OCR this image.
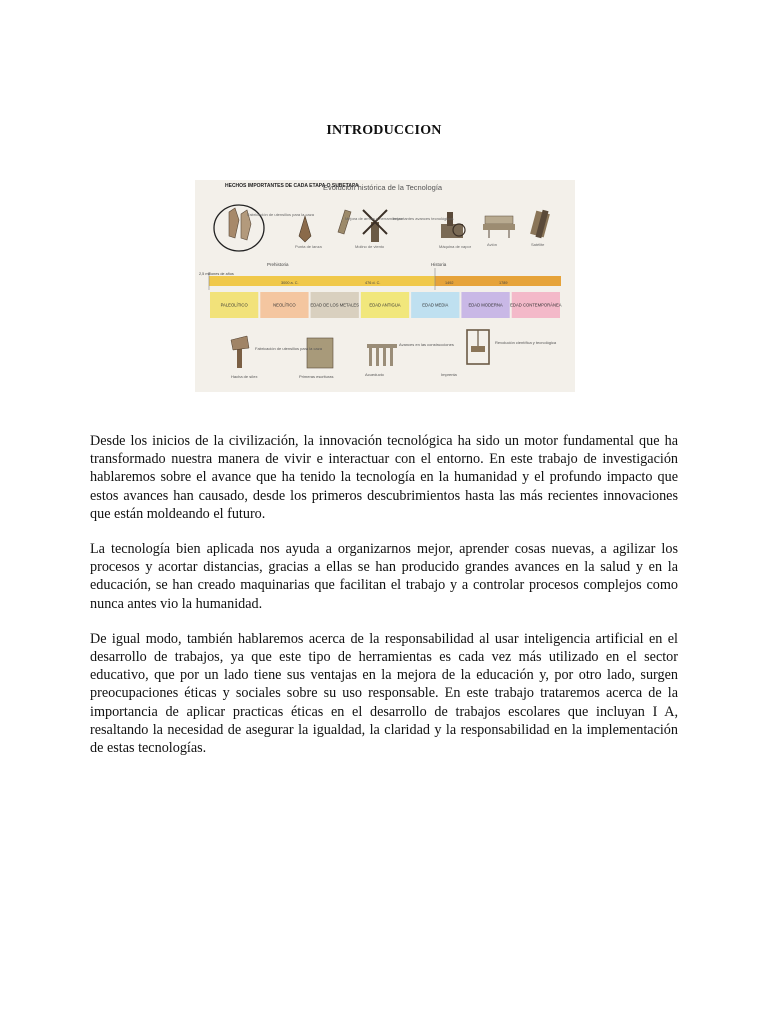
INTRODUCCION
HECHOS IMPORTANTES DE CADA ETAPA O SUBETAPA
Evolución histórica de la Tecnología
Fabricación de utensilios para la caza
Punta de lanza
Mejora de armas y herramientas
Molino de viento
Importantes avances tecnológicos
Máquina de vapor	Avión	Satélite
Prehistoria	Historia
2,5 millones de años
3000 a. C.	476 d. C.	1492	1789
PALEOLÍTICO	NEOLÍTICO	EDAD DE LOS METALES EDAD ANTIGUA	EDAD MEDIA	EDAD MODERNA EDAD CONTEMPORÁNEA
Hacha de sílex
Fabricación de utensilios para la caza
Primeras escrituras	Acueducto
Avances en las construcciones
Imprenta
Revolución científica y tecnológica

Desde los inicios de la civilización, la innovación tecnológica ha sido un motor fundamental que ha transformado nuestra manera de vivir e interactuar con el entorno. En este trabajo de investigación hablaremos sobre el avance que ha tenido la tecnología en la humanidad y el profundo impacto que estos avances han causado, desde los primeros descubrimientos hasta las más recientes innovaciones que están moldeando el futuro.

La tecnología bien aplicada nos ayuda a organizarnos mejor, aprender cosas nuevas, a agilizar los procesos y acortar distancias, gracias a ellas se han producido grandes avances en la salud y en la educación, se han creado maquinarias que facilitan el trabajo y a controlar procesos complejos como nunca antes vio la humanidad.

De igual modo, también hablaremos acerca de la responsabilidad al usar inteligencia artificial en el desarrollo de trabajos, ya que este tipo de herramientas es cada vez más utilizado en el sector educativo, que por un lado tiene sus ventajas en la mejora de la educación y, por otro lado, surgen preocupaciones éticas y sociales sobre su uso responsable. En este trabajo trataremos acerca de la importancia de aplicar practicas éticas en el desarrollo de trabajos escolares que incluyan I A, resaltando la necesidad de asegurar la igualdad, la claridad y la responsabilidad en la implementación de estas tecnologías.
